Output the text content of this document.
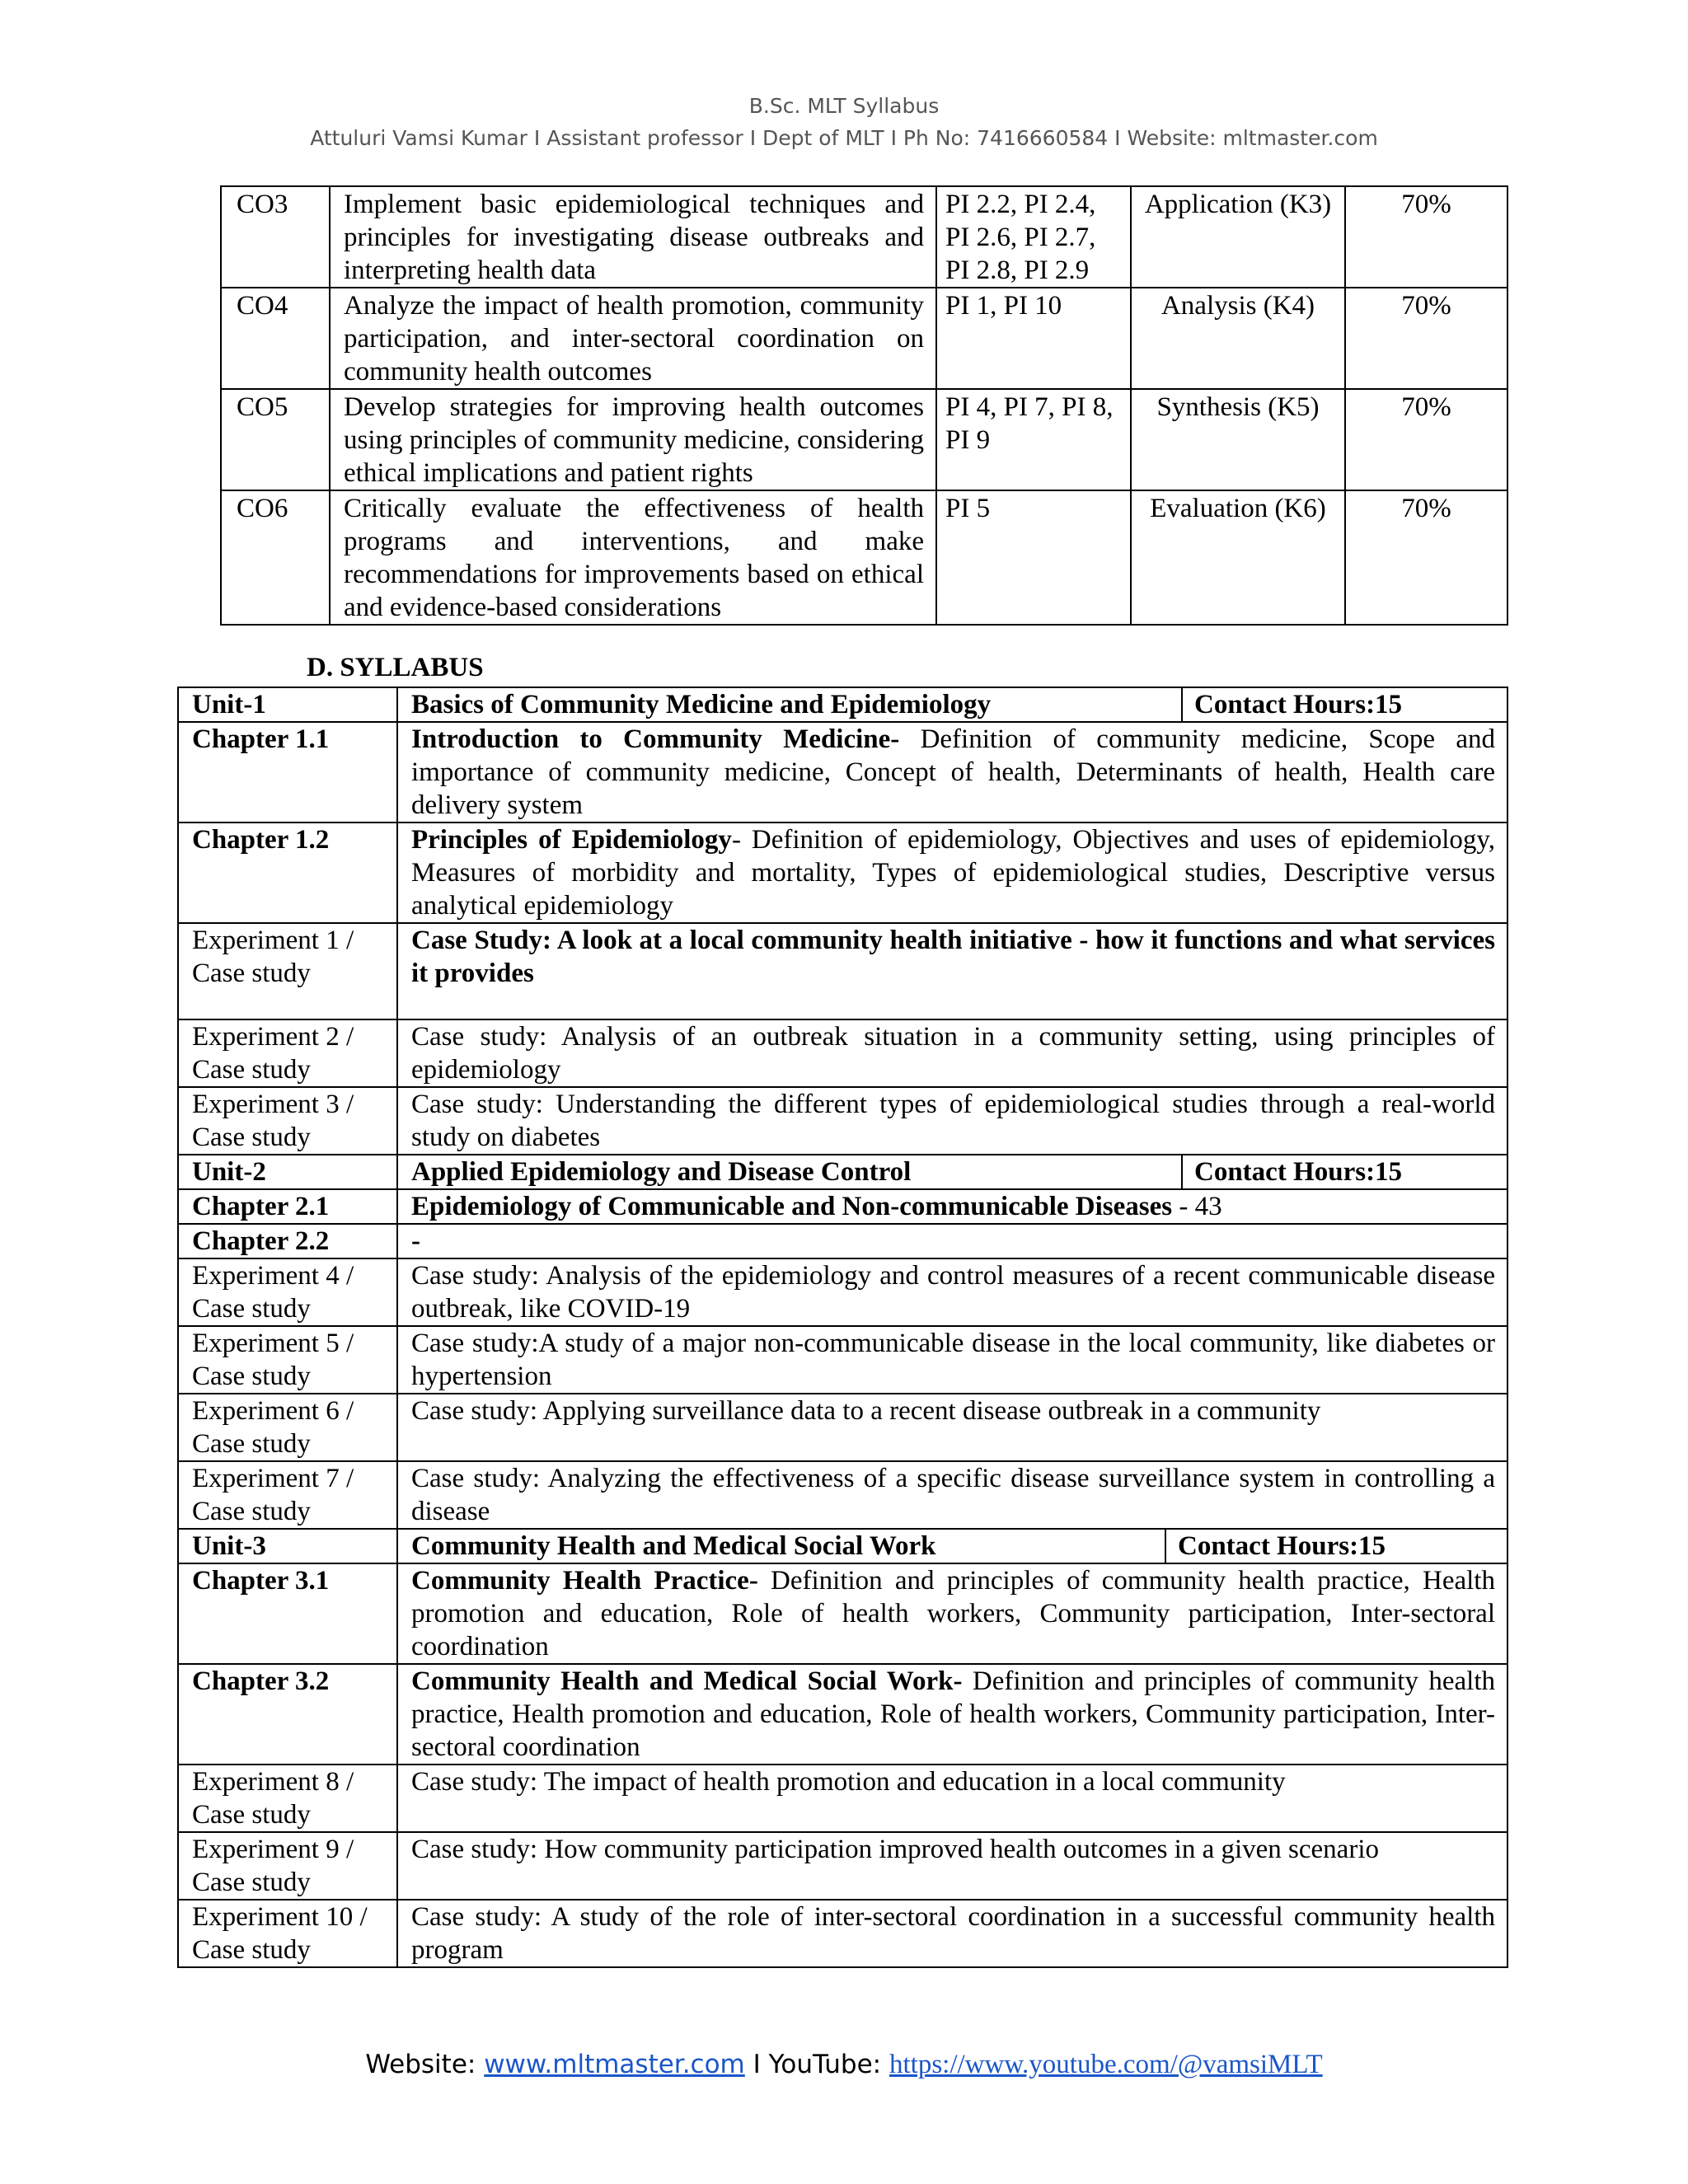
B.Sc. MLT Syllabus
Attuluri Vamsi Kumar I Assistant professor I Dept of MLT I Ph No: 7416660584 I Website: mltmaster.com
CO3	Implement basic epidemiological techniques and principles for investigating disease outbreaks and interpreting health data	PI 2.2, PI 2.4, PI 2.6, PI 2.7, PI 2.8, PI 2.9	Application (K3)	70%
CO4	Analyze the impact of health promotion, community participation, and inter-sectoral coordination on community health outcomes	PI 1, PI 10	Analysis (K4)	70%
CO5	Develop strategies for improving health outcomes using principles of community medicine, considering ethical implications and patient rights	PI 4, PI 7, PI 8, PI 9	Synthesis (K5)	70%
CO6	Critically evaluate the effectiveness of health programs and interventions, and make recommendations for improvements based on ethical and evidence-based considerations	PI 5	Evaluation (K6)	70%
D. SYLLABUS
Unit-1		Basics of Community Medicine and Epidemiology	Contact Hours:15

Chapter 1.1	Introduction to Community Medicine- Definition of community medicine, Scope and importance of community medicine, Concept of health, Determinants of health, Health care delivery system
Chapter 1.2	Principles of Epidemiology- Definition of epidemiology, Objectives and uses of epidemiology, Measures of morbidity and mortality, Types of epidemiological studies, Descriptive versus analytical epidemiology
Experiment 1 / Case study	Case Study: A look at a local community health initiative - how it functions and what services it provides
Experiment 2 / Case study	Case study: Analysis of an outbreak situation in a community setting, using principles of epidemiology
Experiment 3 / Case study	Case study: Understanding the different types of epidemiological studies through a real-world study on diabetes
Unit-2		Applied Epidemiology and Disease Control	Contact Hours:15

Chapter 2.1	Epidemiology of Communicable and Non-communicable Diseases - 43
Chapter 2.2	-
Experiment 4 / Case study	Case study: Analysis of the epidemiology and control measures of a recent communicable disease outbreak, like COVID-19
Experiment 5 / Case study	Case study:A study of a major non-communicable disease in the local community, like diabetes or hypertension
Experiment 6 / Case study	Case study: Applying surveillance data to a recent disease outbreak in a community
Experiment 7 / Case study	Case study: Analyzing the effectiveness of a specific disease surveillance system in controlling a disease
Unit-3		Community Health and Medical Social Work	Contact Hours:15

Chapter 3.1	Community Health Practice- Definition and principles of community health practice, Health promotion and education, Role of health workers, Community participation, Inter-sectoral coordination
Chapter 3.2	Community Health and Medical Social Work- Definition and principles of community health practice, Health promotion and education, Role of health workers, Community participation, Inter-sectoral coordination
Experiment 8 / Case study	Case study: The impact of health promotion and education in a local community
Experiment 9 / Case study	Case study: How community participation improved health outcomes in a given scenario
Experiment 10 / Case study	Case study: A study of the role of inter-sectoral coordination in a successful community health program
Website: www.mltmaster.com I YouTube: https://www.youtube.com/@vamsiMLT
